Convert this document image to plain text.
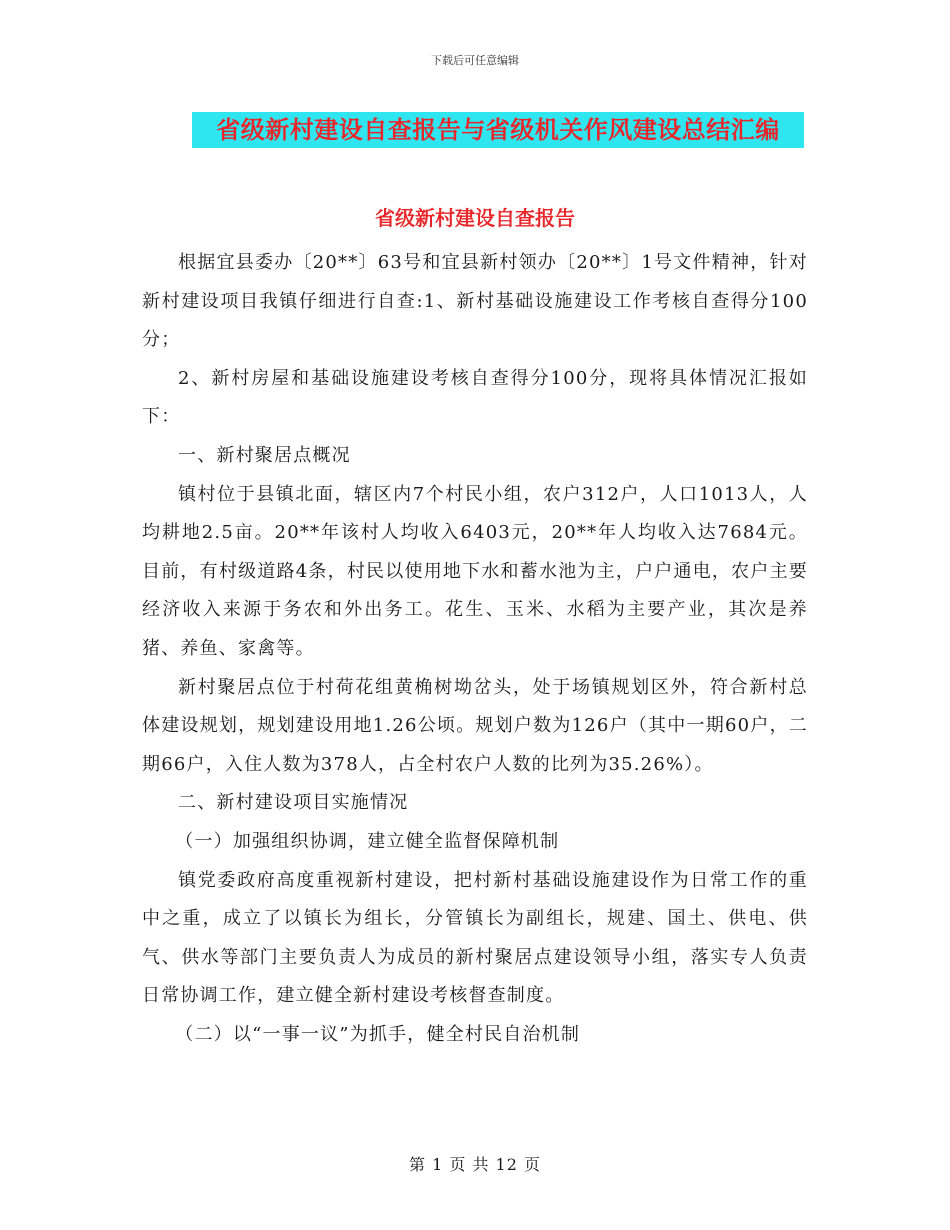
下载后可任意编辑
省级新村建设自查报告与省级机关作风建设总结汇编
省级新村建设自查报告

根据宜县委办〔20**〕63号和宜县新村领办〔20**〕1号文件精神，针对新村建设项目我镇仔细进行自查:1、新村基础设施建设工作考核自查得分100分；

2、新村房屋和基础设施建设考核自查得分100分，现将具体情况汇报如下：

一、新村聚居点概况

镇村位于县镇北面，辖区内7个村民小组，农户312户，人口1013人，人均耕地2.5亩。20**年该村人均收入6403元，20**年人均收入达7684元。目前，有村级道路4条，村民以使用地下水和蓄水池为主，户户通电，农户主要经济收入来源于务农和外出务工。花生、玉米、水稻为主要产业，其次是养猪、养鱼、家禽等。

新村聚居点位于村荷花组黄桷树坳岔头，处于场镇规划区外，符合新村总体建设规划，规划建设用地1.26公顷。规划户数为126户（其中一期60户，二期66户，入住人数为378人，占全村农户人数的比列为35.26%）。

二、新村建设项目实施情况

（一）加强组织协调，建立健全监督保障机制

镇党委政府高度重视新村建设，把村新村基础设施建设作为日常工作的重中之重，成立了以镇长为组长，分管镇长为副组长，规建、国土、供电、供气、供水等部门主要负责人为成员的新村聚居点建设领导小组，落实专人负责日常协调工作，建立健全新村建设考核督查制度。

（二）以“一事一议”为抓手，健全村民自治机制

第 1 页 共 12 页
